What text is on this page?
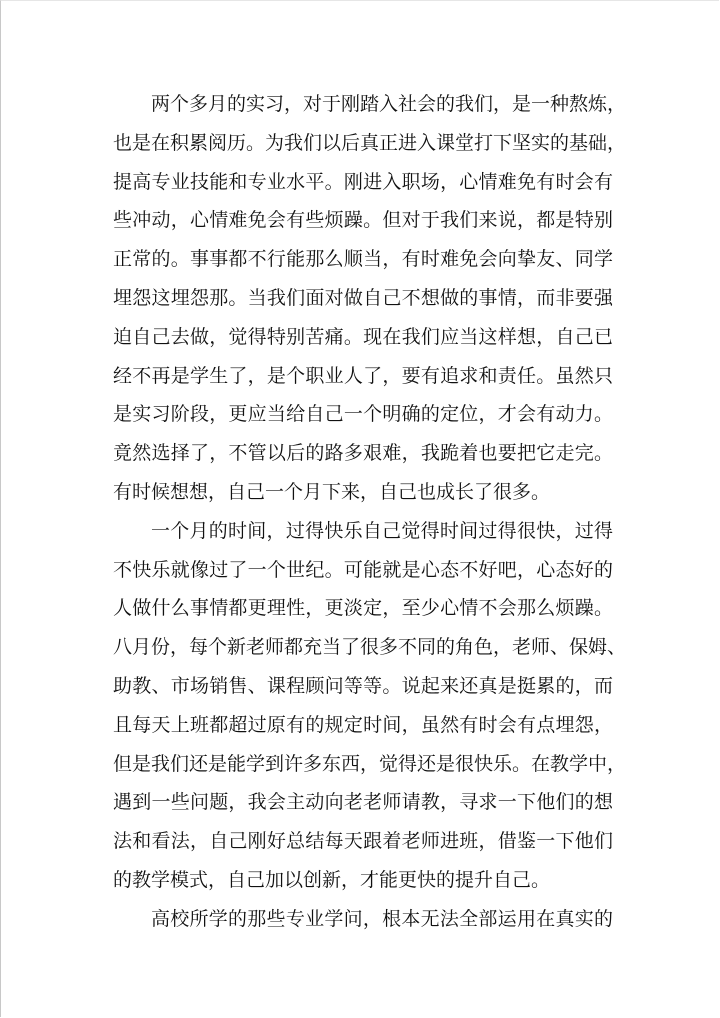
两个多月的实习，对于刚踏入社会的我们，是一种熬炼，
也是在积累阅历。为我们以后真正进入课堂打下坚实的基础，
提高专业技能和专业水平。刚进入职场，心情难免有时会有
些冲动，心情难免会有些烦躁。但对于我们来说，都是特别
正常的。事事都不行能那么顺当，有时难免会向挚友、同学
埋怨这埋怨那。当我们面对做自己不想做的事情，而非要强
迫自己去做，觉得特别苦痛。现在我们应当这样想，自己已
经不再是学生了，是个职业人了，要有追求和责任。虽然只
是实习阶段，更应当给自己一个明确的定位，才会有动力。
竟然选择了，不管以后的路多艰难，我跪着也要把它走完。
有时候想想，自己一个月下来，自己也成长了很多。

一个月的时间，过得快乐自己觉得时间过得很快，过得
不快乐就像过了一个世纪。可能就是心态不好吧，心态好的
人做什么事情都更理性，更淡定，至少心情不会那么烦躁。
八月份，每个新老师都充当了很多不同的角色，老师、保姆、
助教、市场销售、课程顾问等等。说起来还真是挺累的，而
且每天上班都超过原有的规定时间，虽然有时会有点埋怨，
但是我们还是能学到许多东西，觉得还是很快乐。在教学中，
遇到一些问题，我会主动向老老师请教，寻求一下他们的想
法和看法，自己刚好总结每天跟着老师进班，借鉴一下他们
的教学模式，自己加以创新，才能更快的提升自己。

高校所学的那些专业学问，根本无法全部运用在真实的
